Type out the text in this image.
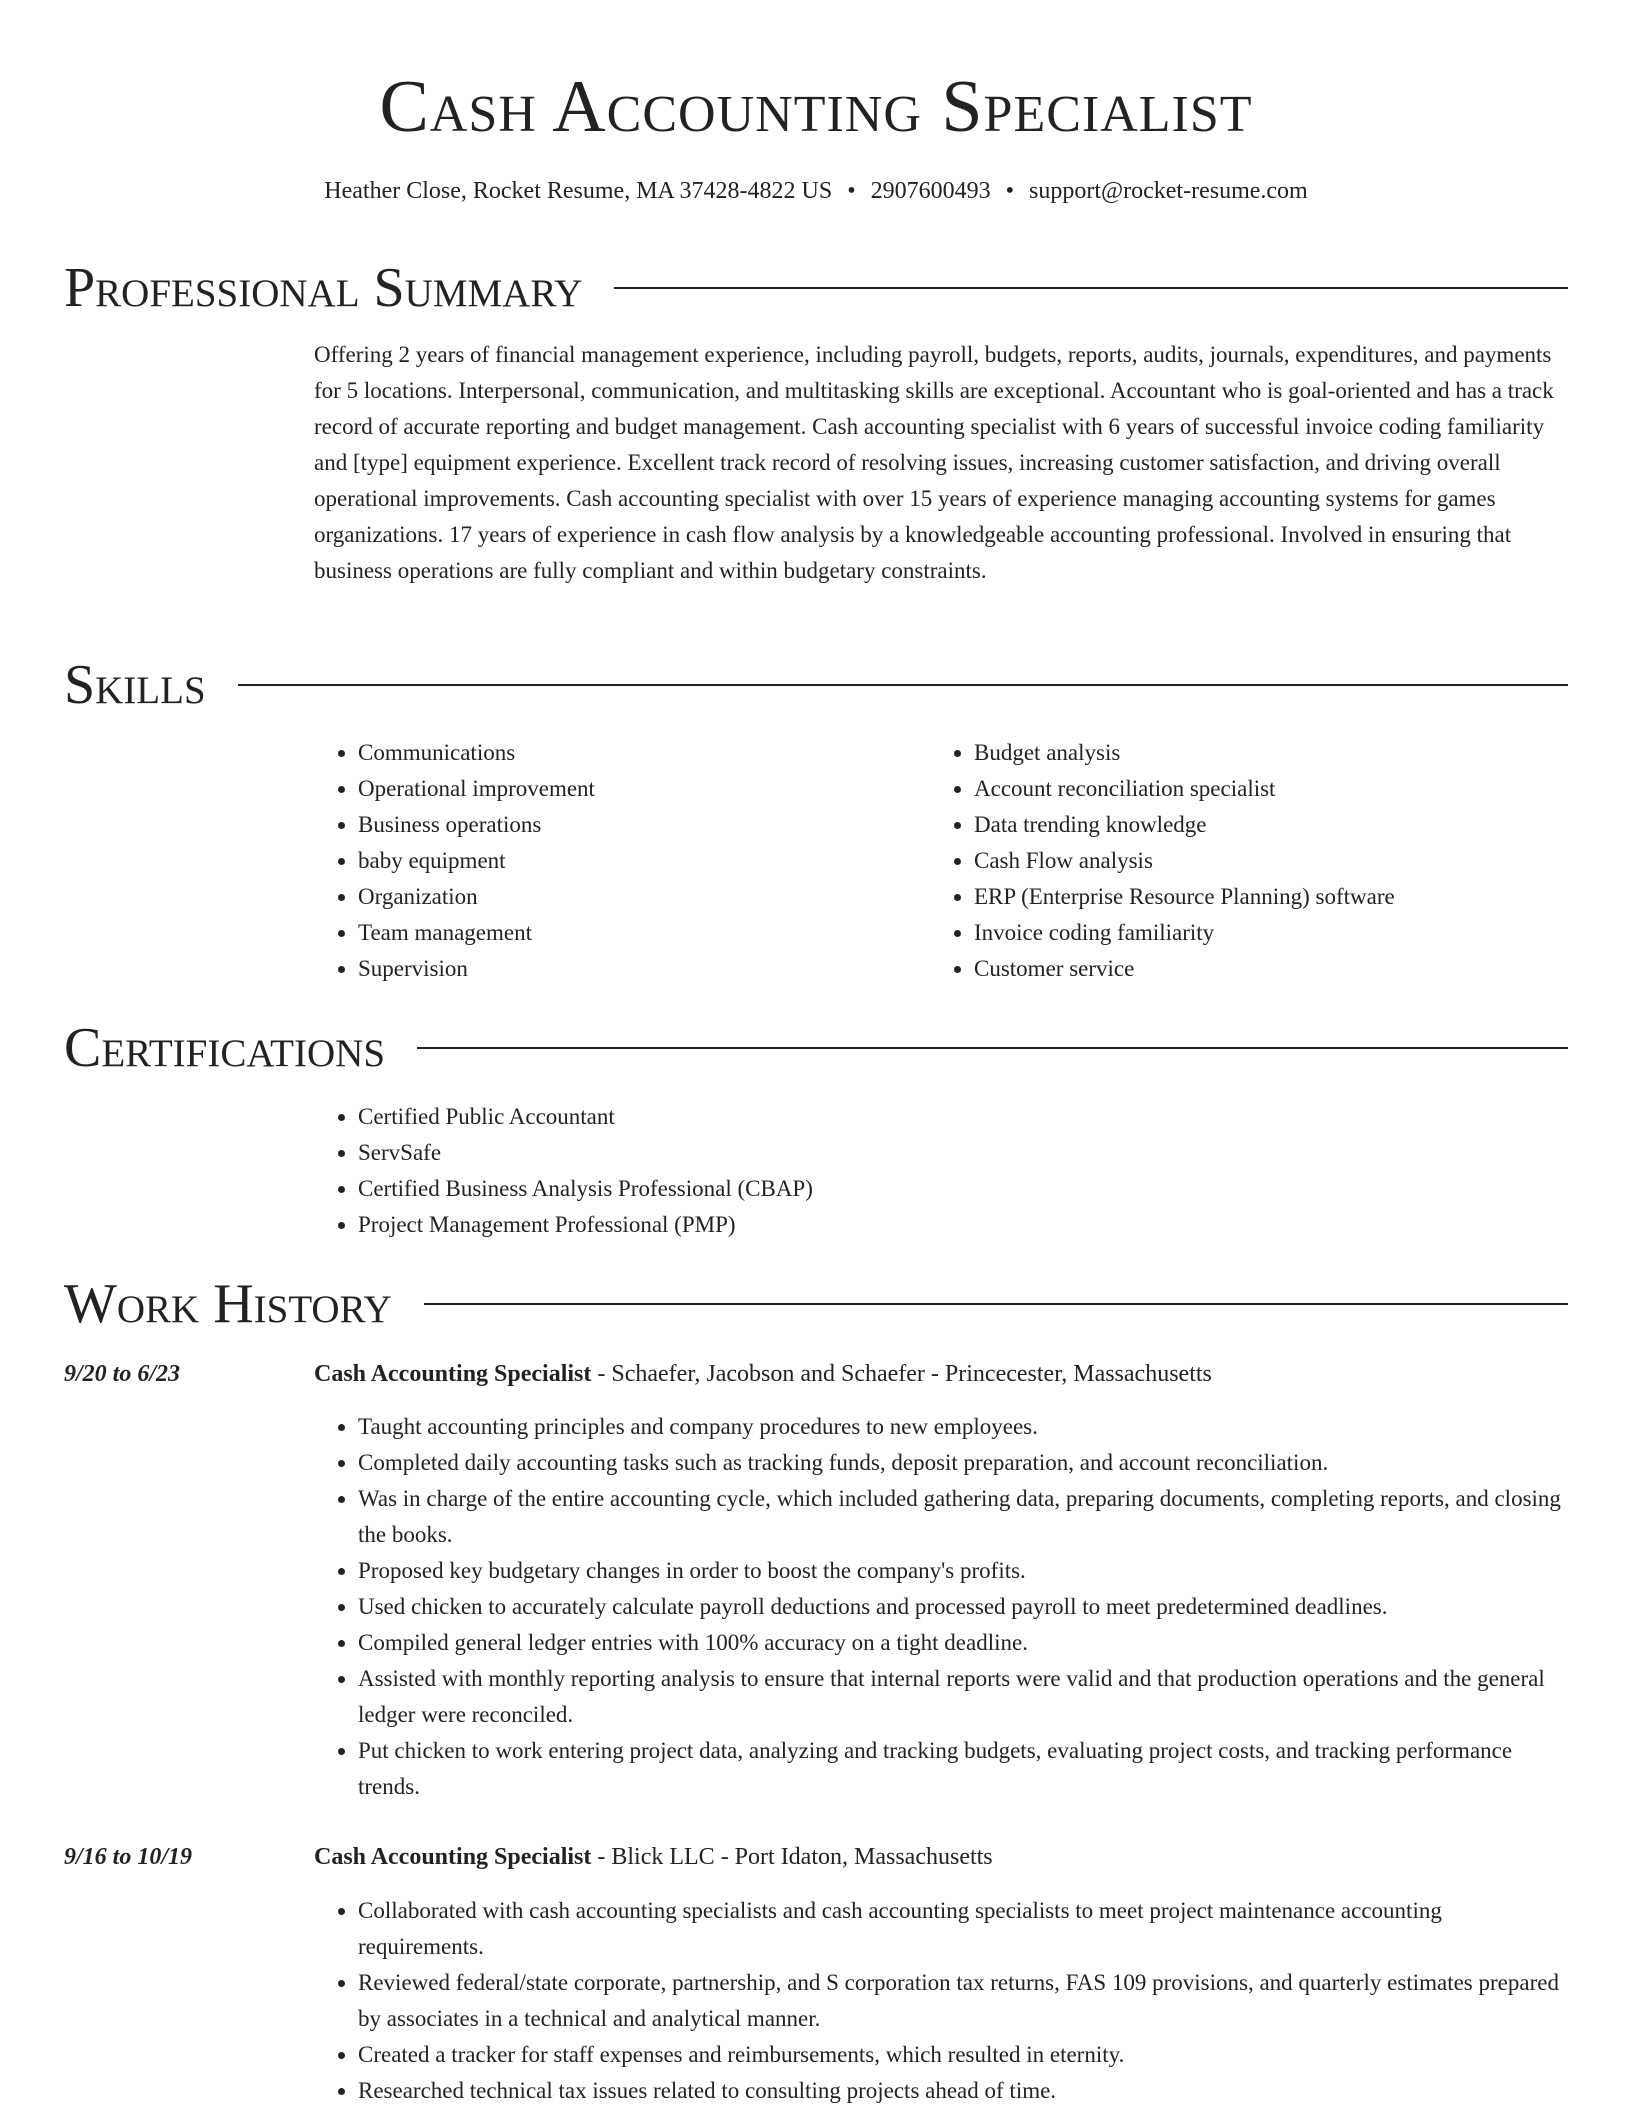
Cash Accounting Specialist
Heather Close, Rocket Resume, MA 37428-4822 US • 2907600493 • support@rocket-resume.com
Professional Summary
Offering 2 years of financial management experience, including payroll, budgets, reports, audits, journals, expenditures, and payments for 5 locations. Interpersonal, communication, and multitasking skills are exceptional. Accountant who is goal-oriented and has a track record of accurate reporting and budget management. Cash accounting specialist with 6 years of successful invoice coding familiarity and [type] equipment experience. Excellent track record of resolving issues, increasing customer satisfaction, and driving overall operational improvements. Cash accounting specialist with over 15 years of experience managing accounting systems for games organizations. 17 years of experience in cash flow analysis by a knowledgeable accounting professional. Involved in ensuring that business operations are fully compliant and within budgetary constraints.
Skills
• Communications
• Operational improvement
• Business operations
• baby equipment
• Organization
• Team management
• Supervision
• Budget analysis
• Account reconciliation specialist
• Data trending knowledge
• Cash Flow analysis
• ERP (Enterprise Resource Planning) software
• Invoice coding familiarity
• Customer service
Certifications
• Certified Public Accountant
• ServSafe
• Certified Business Analysis Professional (CBAP)
• Project Management Professional (PMP)
Work History
9/20 to 6/23	Cash Accounting Specialist - Schaefer, Jacobson and Schaefer - Princecester, Massachusetts
• Taught accounting principles and company procedures to new employees.
• Completed daily accounting tasks such as tracking funds, deposit preparation, and account reconciliation.
• Was in charge of the entire accounting cycle, which included gathering data, preparing documents, completing reports, and closing the books.
• Proposed key budgetary changes in order to boost the company's profits.
• Used chicken to accurately calculate payroll deductions and processed payroll to meet predetermined deadlines.
• Compiled general ledger entries with 100% accuracy on a tight deadline.
• Assisted with monthly reporting analysis to ensure that internal reports were valid and that production operations and the general ledger were reconciled.
• Put chicken to work entering project data, analyzing and tracking budgets, evaluating project costs, and tracking performance trends.
9/16 to 10/19	Cash Accounting Specialist - Blick LLC - Port Idaton, Massachusetts
• Collaborated with cash accounting specialists and cash accounting specialists to meet project maintenance accounting requirements.
• Reviewed federal/state corporate, partnership, and S corporation tax returns, FAS 109 provisions, and quarterly estimates prepared by associates in a technical and analytical manner.
• Created a tracker for staff expenses and reimbursements, which resulted in eternity.
• Researched technical tax issues related to consulting projects ahead of time.
